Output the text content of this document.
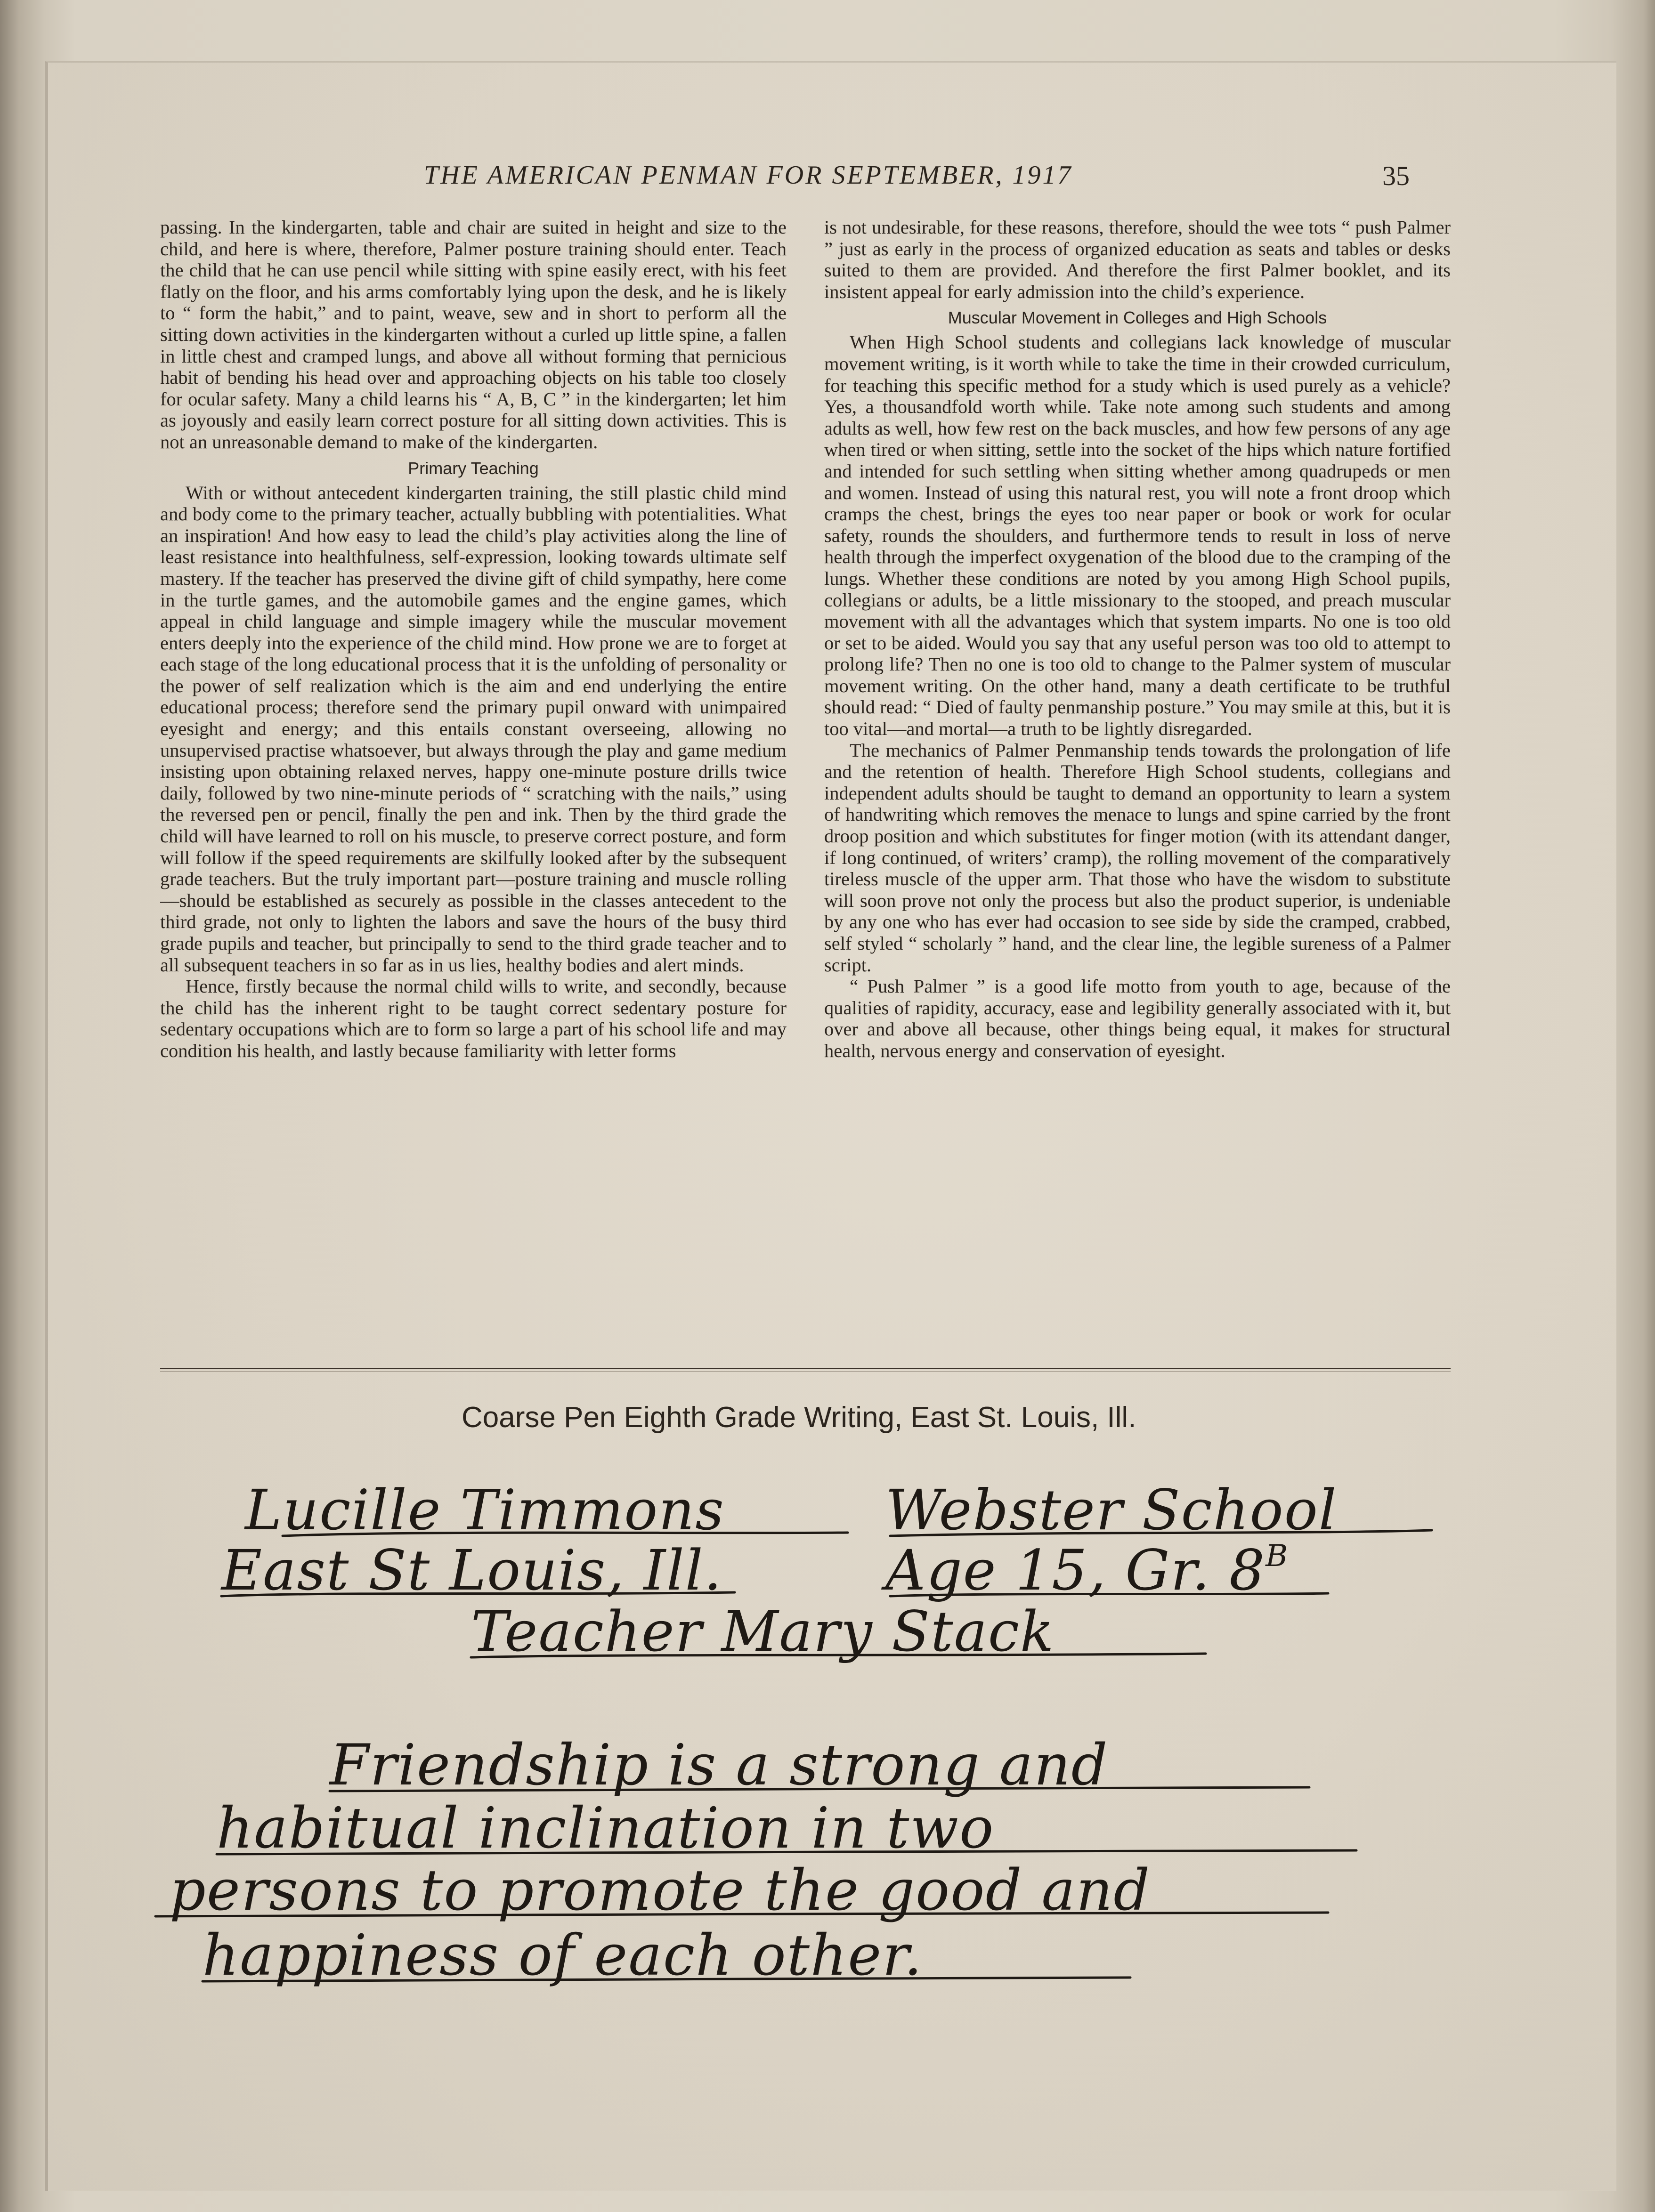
THE AMERICAN PENMAN FOR SEPTEMBER, 1917	35

passing. In the kindergarten, table and chair are suited in height and size to the child, and here is where, therefore, Palmer posture training should enter. Teach the child that he can use pencil while sitting with spine easily erect, with his feet flatly on the floor, and his arms comfortably lying upon the desk, and he is likely to “ form the habit,” and to paint, weave, sew and in short to perform all the sitting down activities in the kindergarten without a curled up little spine, a fallen in little chest and cramped lungs, and above all without forming that pernicious habit of bending his head over and approaching objects on his table too closely for ocular safety. Many a child learns his “ A, B, C ” in the kindergarten; let him as joyously and easily learn correct posture for all sitting down activities. This is not an unreasonable demand to make of the kindergarten.

Primary Teaching

With or without antecedent kindergarten training, the still plastic child mind and body come to the primary teacher, actually bubbling with potentialities. What an inspiration! And how easy to lead the child’s play activities along the line of least resistance into healthfulness, self-expression, looking towards ultimate self mastery. If the teacher has preserved the divine gift of child sympathy, here come in the turtle games, and the automobile games and the engine games, which appeal in child language and simple imagery while the muscular movement enters deeply into the experience of the child mind. How prone we are to forget at each stage of the long educational process that it is the unfolding of personality or the power of self realization which is the aim and end underlying the entire educational process; therefore send the primary pupil onward with unimpaired eyesight and energy; and this entails constant overseeing, allowing no unsupervised practise whatsoever, but always through the play and game medium insisting upon obtaining relaxed nerves, happy one-minute posture drills twice daily, followed by two nine-minute periods of “ scratching with the nails,” using the reversed pen or pencil, finally the pen and ink. Then by the third grade the child will have learned to roll on his muscle, to preserve correct posture, and form will follow if the speed requirements are skilfully looked after by the subsequent grade teachers. But the truly important part—posture training and muscle rolling—should be established as securely as possible in the classes antecedent to the third grade, not only to lighten the labors and save the hours of the busy third grade pupils and teacher, but principally to send to the third grade teacher and to all subsequent teachers in so far as in us lies, healthy bodies and alert minds.

Hence, firstly because the normal child wills to write, and secondly, because the child has the inherent right to be taught correct sedentary posture for sedentary occupations which are to form so large a part of his school life and may condition his health, and lastly because familiarity with letter forms

is not undesirable, for these reasons, therefore, should the wee tots “ push Palmer ” just as early in the process of organized education as seats and tables or desks suited to them are provided. And therefore the first Palmer booklet, and its insistent appeal for early admission into the child’s experience.

Muscular Movement in Colleges and High Schools

When High School students and collegians lack knowledge of muscular movement writing, is it worth while to take the time in their crowded curriculum, for teaching this specific method for a study which is used purely as a vehicle? Yes, a thousandfold worth while. Take note among such students and among adults as well, how few rest on the back muscles, and how few persons of any age when tired or when sitting, settle into the socket of the hips which nature fortified and intended for such settling when sitting whether among quadrupeds or men and women. Instead of using this natural rest, you will note a front droop which cramps the chest, brings the eyes too near paper or book or work for ocular safety, rounds the shoulders, and furthermore tends to result in loss of nerve health through the imperfect oxygenation of the blood due to the cramping of the lungs. Whether these conditions are noted by you among High School pupils, collegians or adults, be a little missionary to the stooped, and preach muscular movement with all the advantages which that system imparts. No one is too old or set to be aided. Would you say that any useful person was too old to attempt to prolong life? Then no one is too old to change to the Palmer system of muscular movement writing. On the other hand, many a death certificate to be truthful should read: “ Died of faulty penmanship posture.” You may smile at this, but it is too vital—and mortal—a truth to be lightly disregarded.

The mechanics of Palmer Penmanship tends towards the prolongation of life and the retention of health. Therefore High School students, collegians and independent adults should be taught to demand an opportunity to learn a system of handwriting which removes the menace to lungs and spine carried by the front droop position and which substitutes for finger motion (with its attendant danger, if long continued, of writers’ cramp), the rolling movement of the comparatively tireless muscle of the upper arm. That those who have the wisdom to substitute will soon prove not only the process but also the product superior, is undeniable by any one who has ever had occasion to see side by side the cramped, crabbed, self styled “ scholarly ” hand, and the clear line, the legible sureness of a Palmer script.

“ Push Palmer ” is a good life motto from youth to age, because of the qualities of rapidity, accuracy, ease and legibility generally associated with it, but over and above all because, other things being equal, it makes for structural health, nervous energy and conservation of eyesight.

Coarse Pen Eighth Grade Writing, East St. Louis, Ill.
Lucille Timmons	Webster School
East St Louis, Ill.	Age 15, Gr. $8^B$
Teacher Mary Stack
Friendship is a strong and
habitual inclination in two
persons to promote the good and
happiness of each other.
